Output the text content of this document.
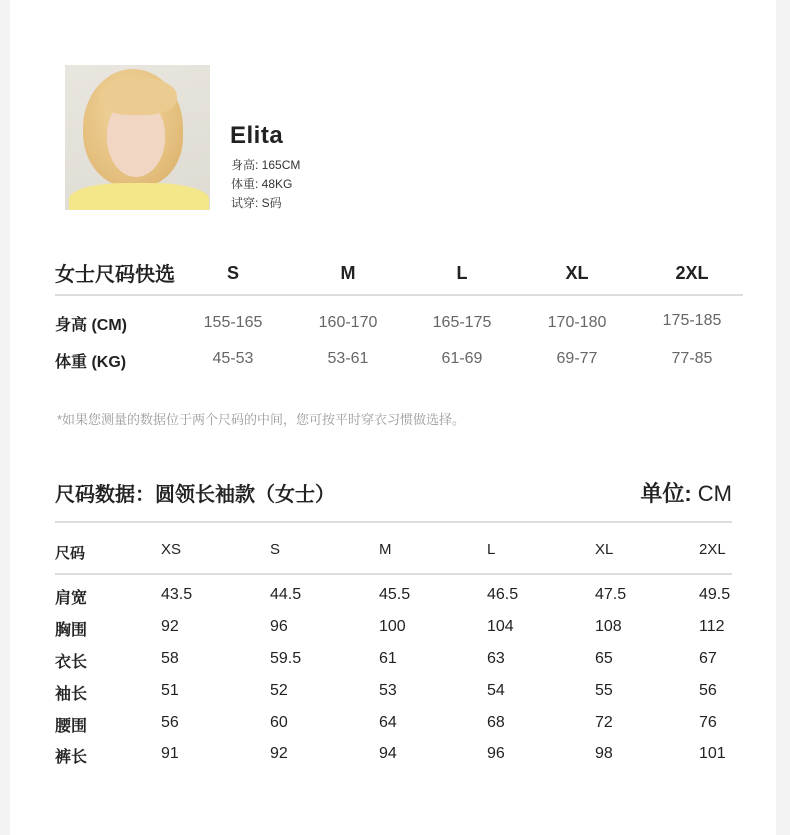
Elita
身高: 165CM
体重: 48KG
试穿: S码
女士尺码快选	S	M	L	XL	2XL
身高 (CM)	155-165	160-170	165-175	170-180	175-185
体重 (KG)	45-53	53-61	61-69	69-77	77-85
*如果您测量的数据位于两个尺码的中间，您可按平时穿衣习惯做选择。
尺码数据：圆领长袖款（女士）	单位: CM
尺码	XS	S	M	L	XL	2XL
肩宽	43.5	44.5	45.5	46.5	47.5	49.5
胸围	92	96	100	104	108	112
衣长	58	59.5	61	63	65	67
袖长	51	52	53	54	55	56
腰围	56	60	64	68	72	76
裤长	91	92	94	96	98	101
